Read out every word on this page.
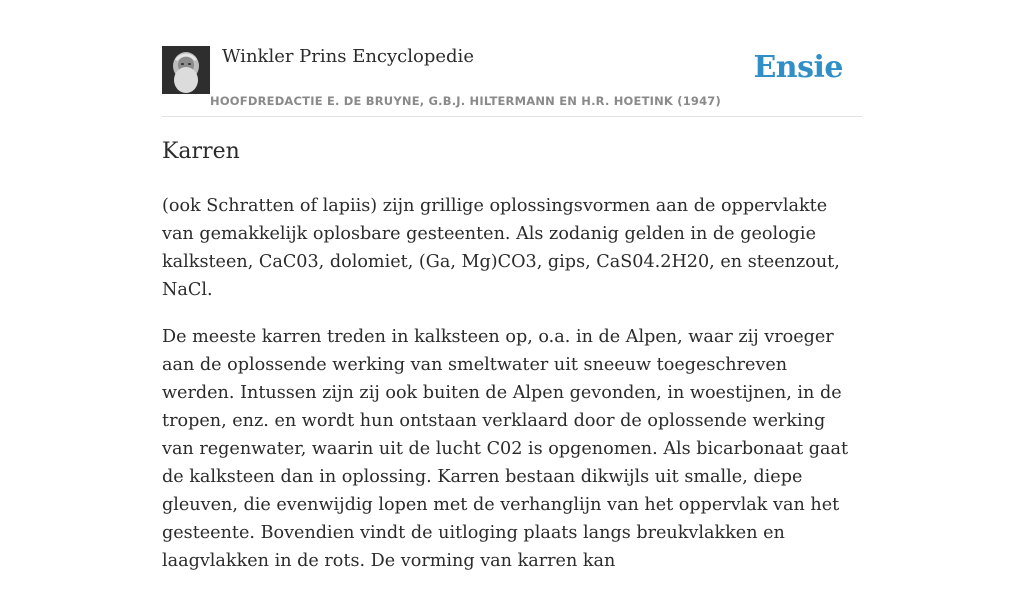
Winkler Prins Encyclopedie
HOOFDREDACTIE E. DE BRUYNE, G.B.J. HILTERMANN EN H.R. HOETINK (1947)
Ensie
Karren

(ook Schratten of lapiis) zijn grillige oplossingsvormen aan de oppervlakte van gemakkelijk oplosbare gesteenten. Als zodanig gelden in de geologie kalksteen, CaC03, dolomiet, (Ga, Mg)CO3, gips, CaS04.2H20, en steenzout, NaCl.

De meeste karren treden in kalksteen op, o.a. in de Alpen, waar zij vroeger aan de oplossende werking van smeltwater uit sneeuw toegeschreven werden. Intussen zijn zij ook buiten de Alpen gevonden, in woestijnen, in de tropen, enz. en wordt hun ontstaan verklaard door de oplossende werking van regenwater, waarin uit de lucht C02 is opgenomen. Als bicarbonaat gaat de kalksteen dan in oplossing. Karren bestaan dikwijls uit smalle, diepe gleuven, die evenwijdig lopen met de verhanglijn van het oppervlak van het gesteente. Bovendien vindt de uitloging plaats langs breukvlakken en laagvlakken in de rots. De vorming van karren kan
